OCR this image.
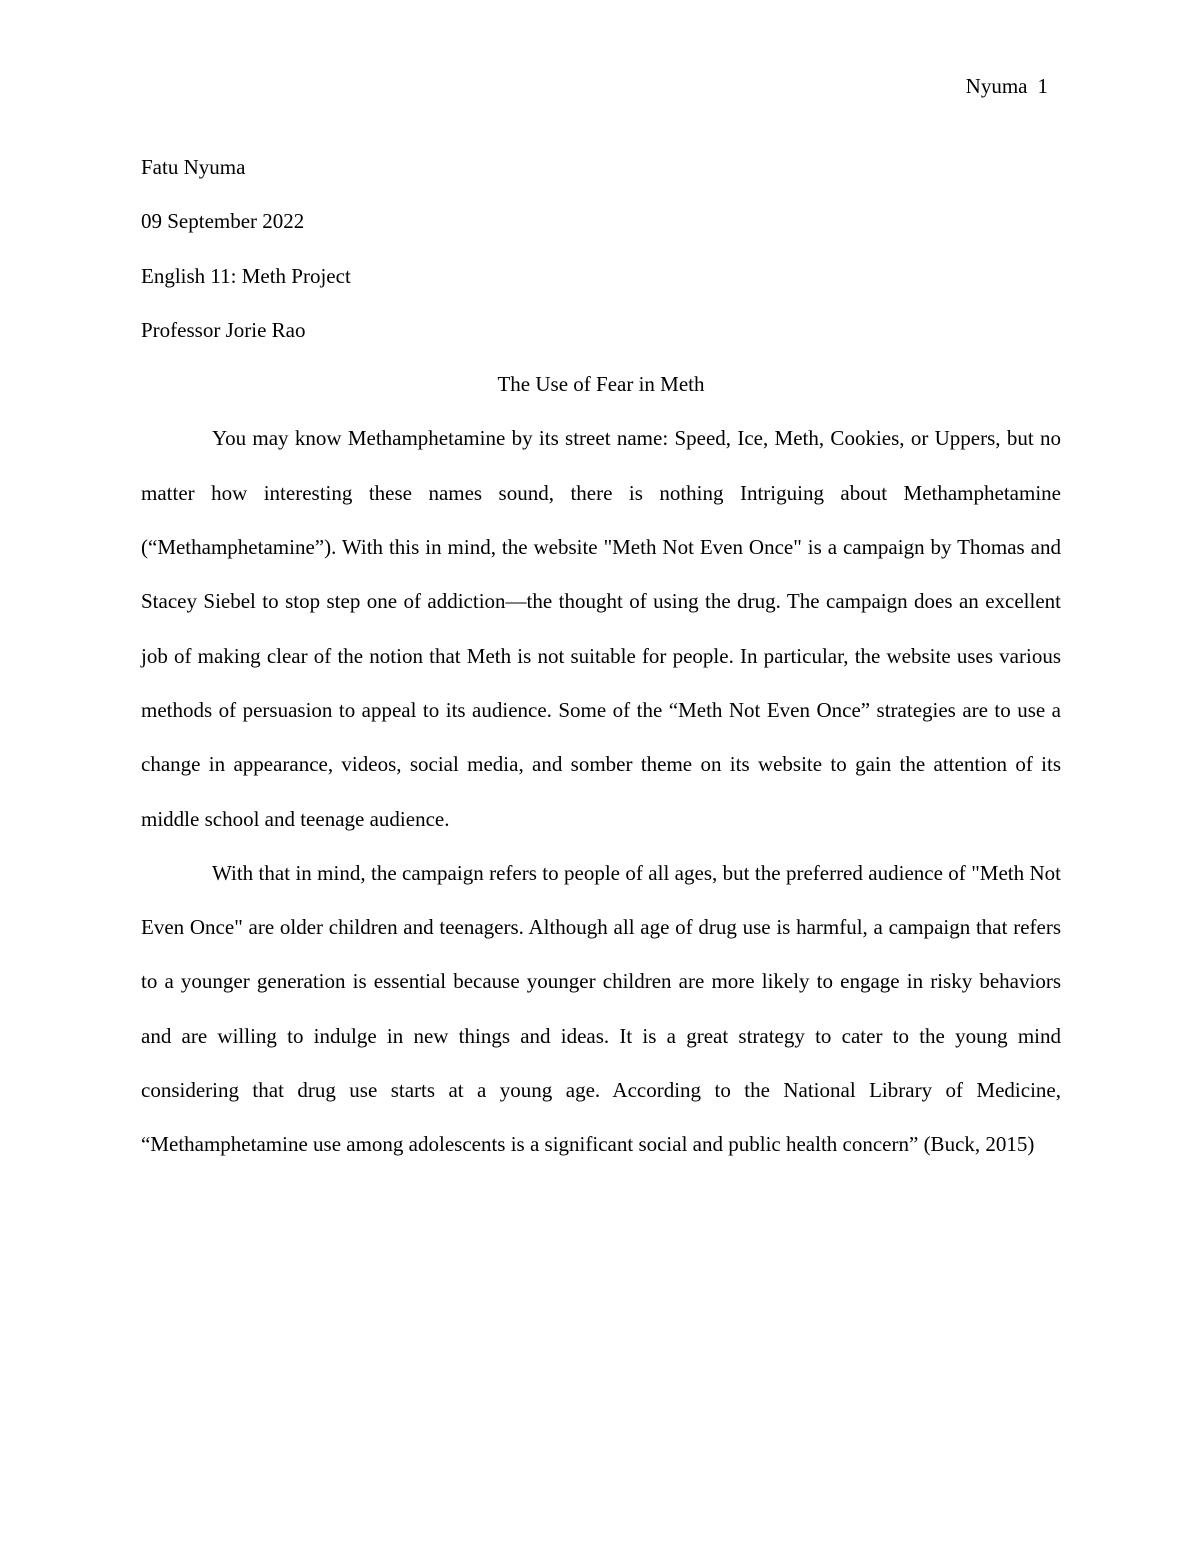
Nyuma 1

Fatu Nyuma

09 September 2022

English 11: Meth Project

Professor Jorie Rao

The Use of Fear in Meth

You may know Methamphetamine by its street name: Speed, Ice, Meth, Cookies, or Uppers, but no matter how interesting these names sound, there is nothing Intriguing about Methamphetamine (“Methamphetamine”). With this in mind, the website "Meth Not Even Once" is a campaign by Thomas and Stacey Siebel to stop step one of addiction—the thought of using the drug. The campaign does an excellent job of making clear of the notion that Meth is not suitable for people. In particular, the website uses various methods of persuasion to appeal to its audience. Some of the “Meth Not Even Once” strategies are to use a change in appearance, videos, social media, and somber theme on its website to gain the attention of its middle school and teenage audience.

With that in mind, the campaign refers to people of all ages, but the preferred audience of "Meth Not Even Once" are older children and teenagers. Although all age of drug use is harmful, a campaign that refers to a younger generation is essential because younger children are more likely to engage in risky behaviors and are willing to indulge in new things and ideas. It is a great strategy to cater to the young mind considering that drug use starts at a young age. According to the National Library of Medicine, “Methamphetamine use among adolescents is a significant social and public health concern” (Buck, 2015)
